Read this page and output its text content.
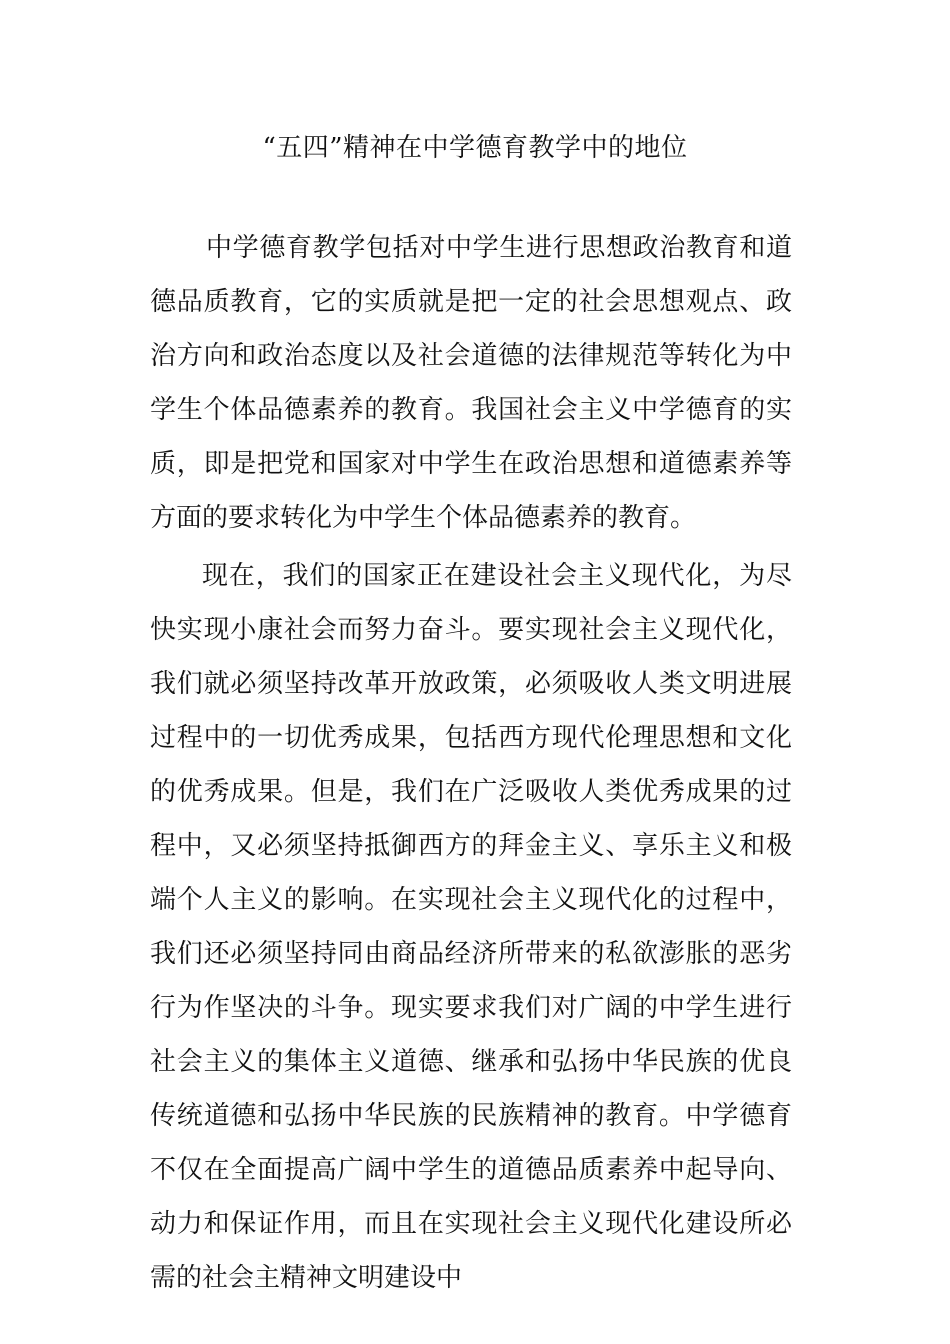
“五四”精神在中学德育教学中的地位

中学德育教学包括对中学生进行思想政治教育和道德品质教育，它的实质就是把一定的社会思想观点、政治方向和政治态度以及社会道德的法律规范等转化为中学生个体品德素养的教育。我国社会主义中学德育的实质，即是把党和国家对中学生在政治思想和道德素养等方面的要求转化为中学生个体品德素养的教育。

现在，我们的国家正在建设社会主义现代化，为尽快实现小康社会而努力奋斗。要实现社会主义现代化，我们就必须坚持改革开放政策，必须吸收人类文明进展过程中的一切优秀成果，包括西方现代伦理思想和文化的优秀成果。但是，我们在广泛吸收人类优秀成果的过程中，又必须坚持抵御西方的拜金主义、享乐主义和极端个人主义的影响。在实现社会主义现代化的过程中，我们还必须坚持同由商品经济所带来的私欲澎胀的恶劣行为作坚决的斗争。现实要求我们对广阔的中学生进行社会主义的集体主义道德、继承和弘扬中华民族的优良传统道德和弘扬中华民族的民族精神的教育。中学德育不仅在全面提高广阔中学生的道德品质素养中起导向、动力和保证作用，而且在实现社会主义现代化建设所必需的社会主精神文明建设中
